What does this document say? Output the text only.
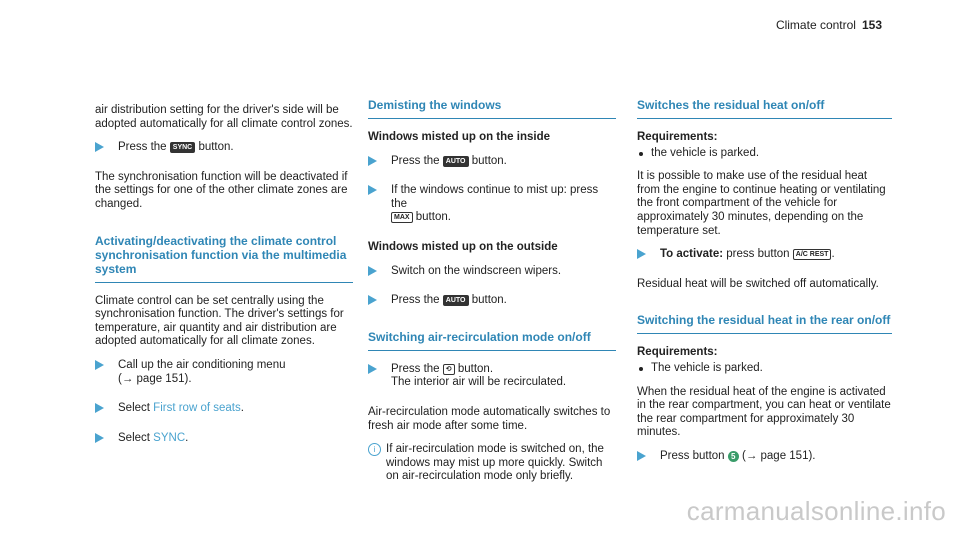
Climate control 153

air distribution setting for the driver's side will be adopted automatically for all climate control zones.

Press the SYNC button.

The synchronisation function will be deactivated if the settings for one of the other climate zones are changed.

Activating/deactivating the climate control synchronisation function via the multimedia system

Climate control can be set centrally using the synchronisation function. The driver's settings for temperature, air quantity and air distribution are adopted automatically for all climate zones.

Call up the air conditioning menu
(→ page 151).
Select First row of seats.
Select SYNC.
Demisting the windows
Windows misted up on the inside
Press the AUTO button.
If the windows continue to mist up: press the
MAX button.
Windows misted up on the outside
Switch on the windscreen wipers.
Press the AUTO button.
Switching air-recirculation mode on/off
Press the ⟲ button.
The interior air will be recirculated.

Air-recirculation mode automatically switches to fresh air mode after some time.

i If air-recirculation mode is switched on, the windows may mist up more quickly. Switch on air-recirculation mode only briefly.
Switches the residual heat on/off
Requirements:
the vehicle is parked.

It is possible to make use of the residual heat from the engine to continue heating or ventilating the front compartment of the vehicle for approximately 30 minutes, depending on the temperature set.

To activate: press button A/C REST .

Residual heat will be switched off automatically.

Switching the residual heat in the rear on/off
Requirements:
The vehicle is parked.

When the residual heat of the engine is activated in the rear compartment, you can heat or ventilate the rear compartment for approximately 30 minutes.

Press button 5 (→ page 151).
carmanualsonline.info
